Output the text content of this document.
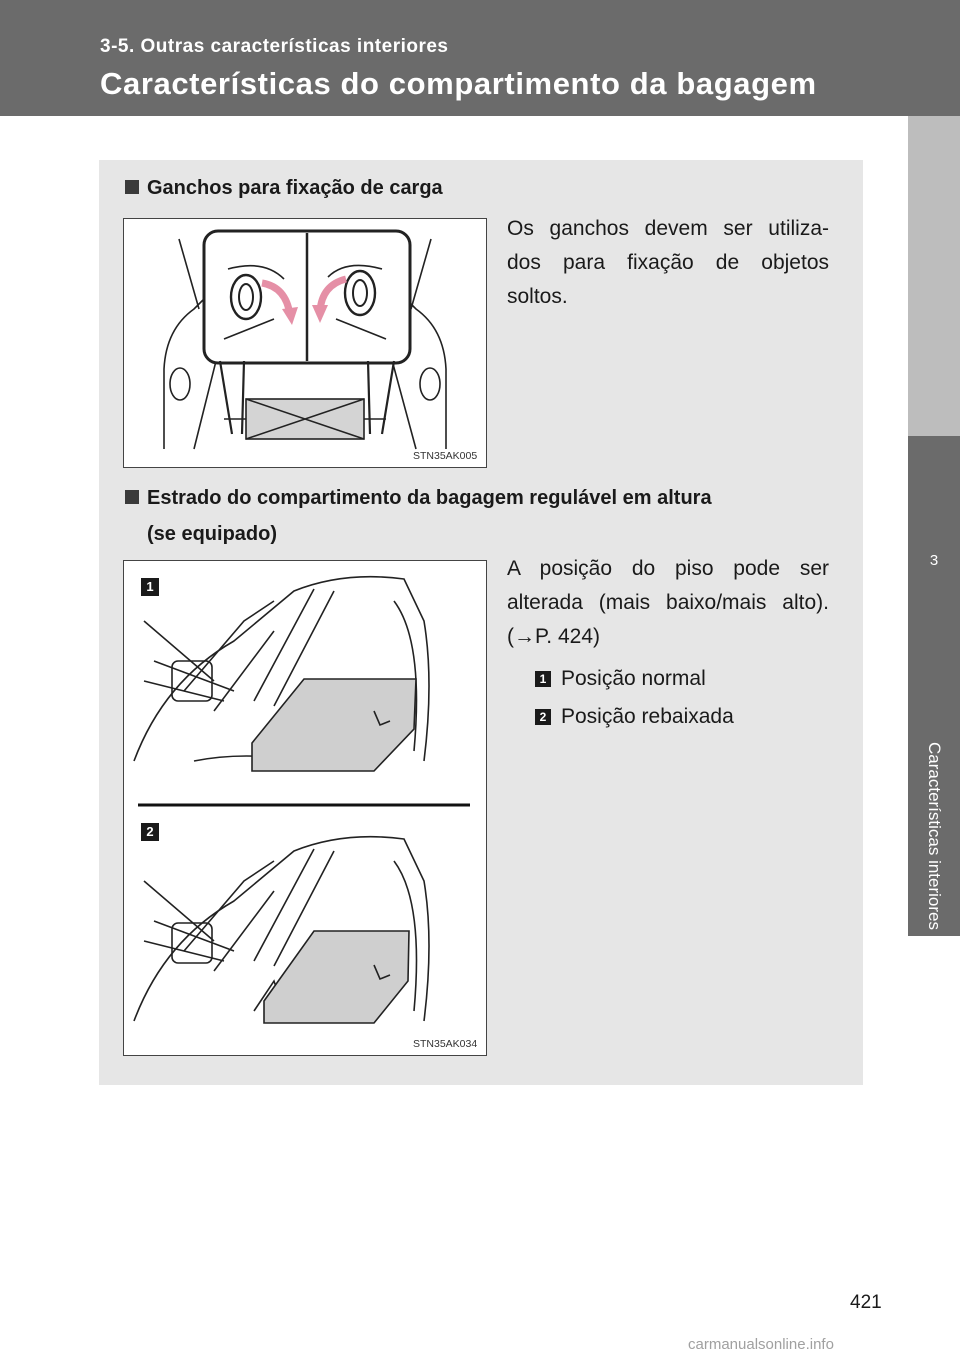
3-5. Outras características interiores
Características do compartimento da bagagem
3
Características interiores
Ganchos para fixação de carga
STN35AK005
Os ganchos devem ser utiliza- dos para fixação de objetos soltos.
Estrado do compartimento da bagagem regulável em altura
(se equipado)
1
2
STN35AK034
A posição do piso pode ser alterada (mais baixo/mais alto). (→P. 424)
1 Posição normal
2 Posição rebaixada
421
carmanualsonline.info
